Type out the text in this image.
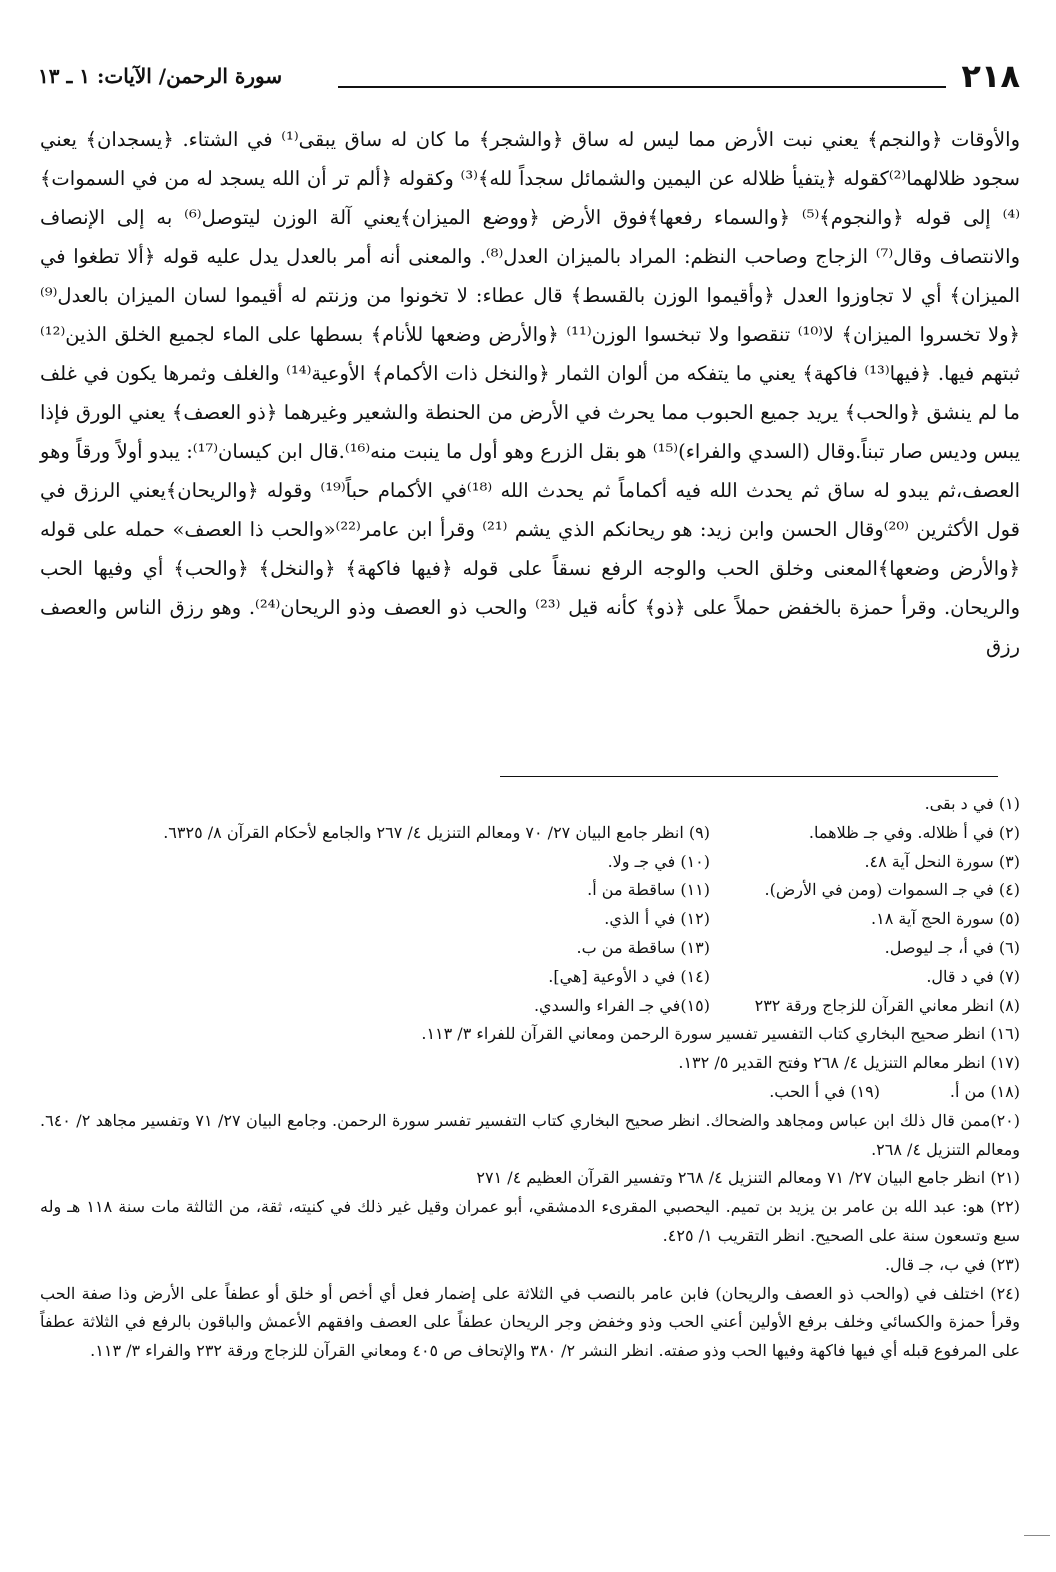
٢١٨
سورة الرحمن/ الآيات: ١ ـ ١٣

والأوقات ﴿والنجم﴾ يعني نبت الأرض مما ليس له ساق ﴿والشجر﴾ ما كان له ساق يبقى⁽¹⁾ في الشتاء. ﴿يسجدان﴾ يعني سجود ظلالهما⁽²⁾كقوله ﴿يتفيأ ظلاله عن اليمين والشمائل سجداً لله﴾⁽³⁾ وكقوله ﴿ألم تر أن الله يسجد له من في السموات﴾⁽⁴⁾ إلى قوله ﴿والنجوم﴾⁽⁵⁾ ﴿والسماء رفعها﴾فوق الأرض ﴿ووضع الميزان﴾يعني آلة الوزن ليتوصل⁽⁶⁾ به إلى الإنصاف والانتصاف وقال⁽⁷⁾ الزجاج وصاحب النظم: المراد بالميزان العدل⁽⁸⁾. والمعنى أنه أمر بالعدل يدل عليه قوله ﴿ألا تطغوا في الميزان﴾ أي لا تجاوزوا العدل ﴿وأقيموا الوزن بالقسط﴾ قال عطاء: لا تخونوا من وزنتم له أقيموا لسان الميزان بالعدل⁽⁹⁾ ﴿ولا تخسروا الميزان﴾ لا⁽¹⁰⁾ تنقصوا ولا تبخسوا الوزن⁽¹¹⁾ ﴿والأرض وضعها للأنام﴾ بسطها على الماء لجميع الخلق الذين⁽¹²⁾ ثبتهم فيها. ﴿فيها⁽¹³⁾ فاكهة﴾ يعني ما يتفكه من ألوان الثمار ﴿والنخل ذات الأكمام﴾ الأوعية⁽¹⁴⁾ والغلف وثمرها يكون في غلف ما لم ينشق ﴿والحب﴾ يريد جميع الحبوب مما يحرث في الأرض من الحنطة والشعير وغيرهما ﴿ذو العصف﴾ يعني الورق فإذا يبس وديس صار تبناً.وقال (السدي والفراء)⁽¹⁵⁾ هو بقل الزرع وهو أول ما ينبت منه⁽¹⁶⁾.قال ابن كيسان⁽¹⁷⁾: يبدو أولاً ورقاً وهو العصف،ثم يبدو له ساق ثم يحدث الله فيه أكماماً ثم يحدث الله ⁽¹⁸⁾في الأكمام حباً⁽¹⁹⁾ وقوله ﴿والريحان﴾يعني الرزق في قول الأكثرين ⁽²⁰⁾وقال الحسن وابن زيد: هو ريحانكم الذي يشم ⁽²¹⁾ وقرأ ابن عامر⁽²²⁾«والحب ذا العصف» حمله على قوله ﴿والأرض وضعها﴾المعنى وخلق الحب والوجه الرفع نسقاً على قوله ﴿فيها فاكهة﴾ ﴿والنخل﴾ ﴿والحب﴾ أي وفيها الحب والريحان. وقرأ حمزة بالخفض حملاً على ﴿ذو﴾ كأنه قيل ⁽²³⁾ والحب ذو العصف وذو الريحان⁽²⁴⁾. وهو رزق الناس والعصف رزق

(١) في د بقى.
(٢) في أ ظلاله. وفي جـ ظلاهما.
(٩) انظر جامع البيان ٢٧/ ٧٠ ومعالم التنزيل ٤/ ٢٦٧ والجامع لأحكام القرآن ٨/ ٦٣٢٥.
(٣) سورة النحل آية ٤٨.
(١٠) في جـ ولا.
(٤) في جـ السموات (ومن في الأرض).
(١١) ساقطة من أ.
(٥) سورة الحج آية ١٨.
(١٢) في أ الذي.
(٦) في أ، جـ ليوصل.
(١٣) ساقطة من ب.
(٧) في د قال.
(١٤) في د الأوعية [هي].
(٨) انظر معاني القرآن للزجاج ورقة ٢٣٢
(١٥)في جـ الفراء والسدي.
(١٦) انظر صحيح البخاري كتاب التفسير تفسير سورة الرحمن ومعاني القرآن للفراء ٣/ ١١٣.
(١٧) انظر معالم التنزيل ٤/ ٢٦٨ وفتح القدير ٥/ ١٣٢.
(١٨) من أ.
(١٩) في أ الحب.
(٢٠)ممن قال ذلك ابن عباس ومجاهد والضحاك. انظر صحيح البخاري كتاب التفسير تفسر سورة الرحمن. وجامع البيان ٢٧/ ٧١ وتفسير مجاهد ٢/ ٦٤٠. ومعالم التنزيل ٤/ ٢٦٨.
(٢١) انظر جامع البيان ٢٧/ ٧١ ومعالم التنزيل ٤/ ٢٦٨ وتفسير القرآن العظيم ٤/ ٢٧١
(٢٢) هو: عبد الله بن عامر بن يزيد بن تميم. اليحصبي المقرىء الدمشقي، أبو عمران وقيل غير ذلك في كنيته، ثقة، من الثالثة مات سنة ١١٨ هـ وله سبع وتسعون سنة على الصحيح. انظر التقريب ١/ ٤٢٥.
(٢٣) في ب، جـ قال.
(٢٤) اختلف في (والحب ذو العصف والريحان) فابن عامر بالنصب في الثلاثة على إضمار فعل أي أخص أو خلق أو عطفاً على الأرض وذا صفة الحب وقرأ حمزة والكسائي وخلف برفع الأولين أعني الحب وذو وخفض وجر الريحان عطفاً على العصف وافقهم الأعمش والباقون بالرفع في الثلاثة عطفاً على المرفوع قبله أي فيها فاكهة وفيها الحب وذو صفته. انظر النشر ٢/ ٣٨٠ والإتحاف ص ٤٠٥ ومعاني القرآن للزجاج ورقة ٢٣٢ والفراء ٣/ ١١٣.
